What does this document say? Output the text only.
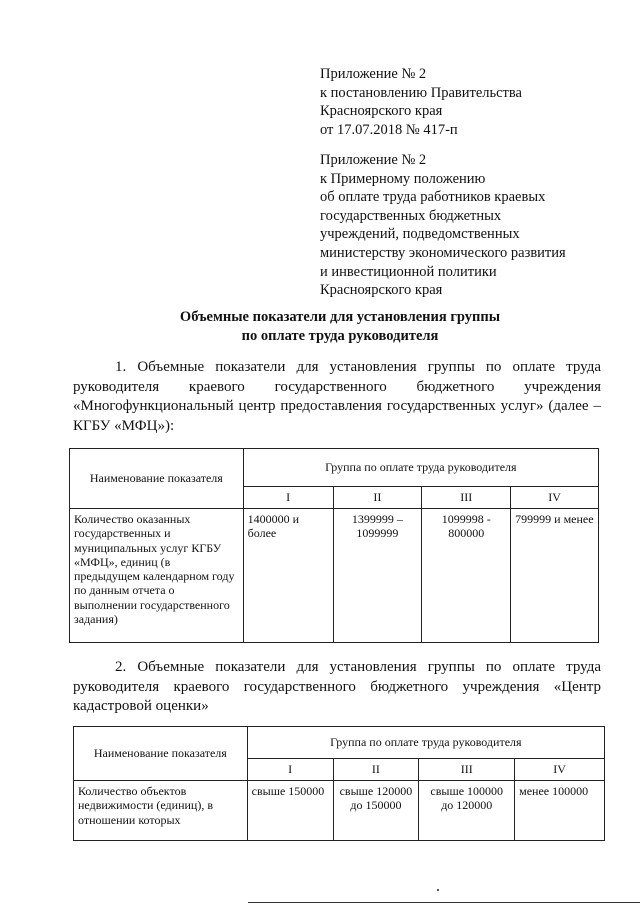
Приложение № 2
к постановлению Правительства
Красноярского края
от 17.07.2018 № 417-п
Приложение № 2
к Примерному положению
об оплате труда работников краевых
государственных бюджетных
учреждений, подведомственных
министерству экономического развития
и инвестиционной политики
Красноярского края
Объемные показатели для установления группы
по оплате труда руководителя
1. Объемные показатели для установления группы по оплате труда руководителя краевого государственного бюджетного учреждения «Многофункциональный центр предоставления государственных услуг» (далее – КГБУ «МФЦ»):
Наименование показателя	Группа по оплате труда руководителя			
	I	II	III	IV
Количество оказанных государственных и муниципальных услуг КГБУ «МФЦ», единиц (в предыдущем календарном году по данным отчета о выполнении государственного задания)	1400000 и более	1399999 – 1099999	1099998 - 800000	799999 и менее
2. Объемные показатели для установления группы по оплате труда руководителя краевого государственного бюджетного учреждения «Центр кадастровой оценки»
Наименование показателя	Группа по оплате труда руководителя			
	I	II	III	IV
Количество объектов недвижимости (единиц), в отношении которых	свыше 150000	свыше 120000 до 150000	свыше 100000 до 120000	менее 100000
